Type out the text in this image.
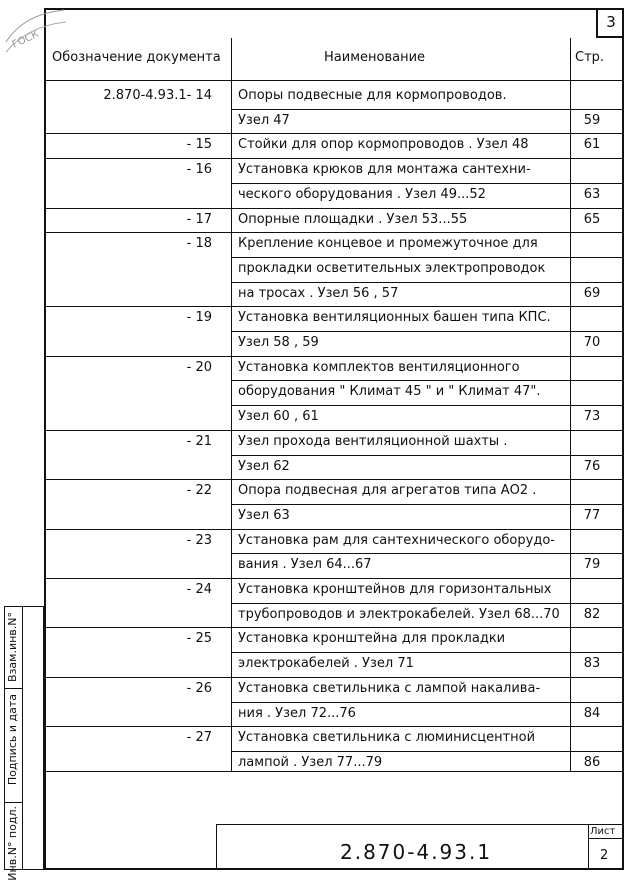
3
ГОСК
Обозначение документа	Наименование	Стр.
2.870-4.93.1- 14 Опоры подвесные для кормопроводов.
Узел 47	59
- 15 Стойки для опор кормопроводов . Узел 48	61
- 16 Установка крюков для монтажа сантехни-
ческого оборудования . Узел 49...52	63
- 17 Опорные площадки . Узел 53...55	65
- 18 Крепление концевое и промежуточное для
прокладки осветительных электропроводок
на тросах . Узел 56 , 57	69
- 19 Установка вентиляционных башен типа КПС.
Узел 58 , 59	70
- 20 Установка комплектов вентиляционного
оборудования " Климат 45 " и " Климат 47".
Узел 60 , 61	73
- 21 Узел прохода вентиляционной шахты .
Узел 62	76
- 22 Опора подвесная для агрегатов типа АО2 .
Узел 63	77
- 23 Установка рам для сантехнического оборудо-
вания . Узел 64...67	79
- 24 Установка кронштейнов для горизонтальных
трубопроводов и электрокабелей. Узел 68...70	82
- 25 Установка кронштейна для прокладки
электрокабелей . Узел 71	83
- 26 Установка светильника с лампой накалива-
ния . Узел 72...76	84
- 27 Установка светильника с люминисцентной
лампой . Узел 77...79	86
2.870-4.93.1
Лист
2
Взам.инв.N°
Подпись и дата
Инв.N° подл.
